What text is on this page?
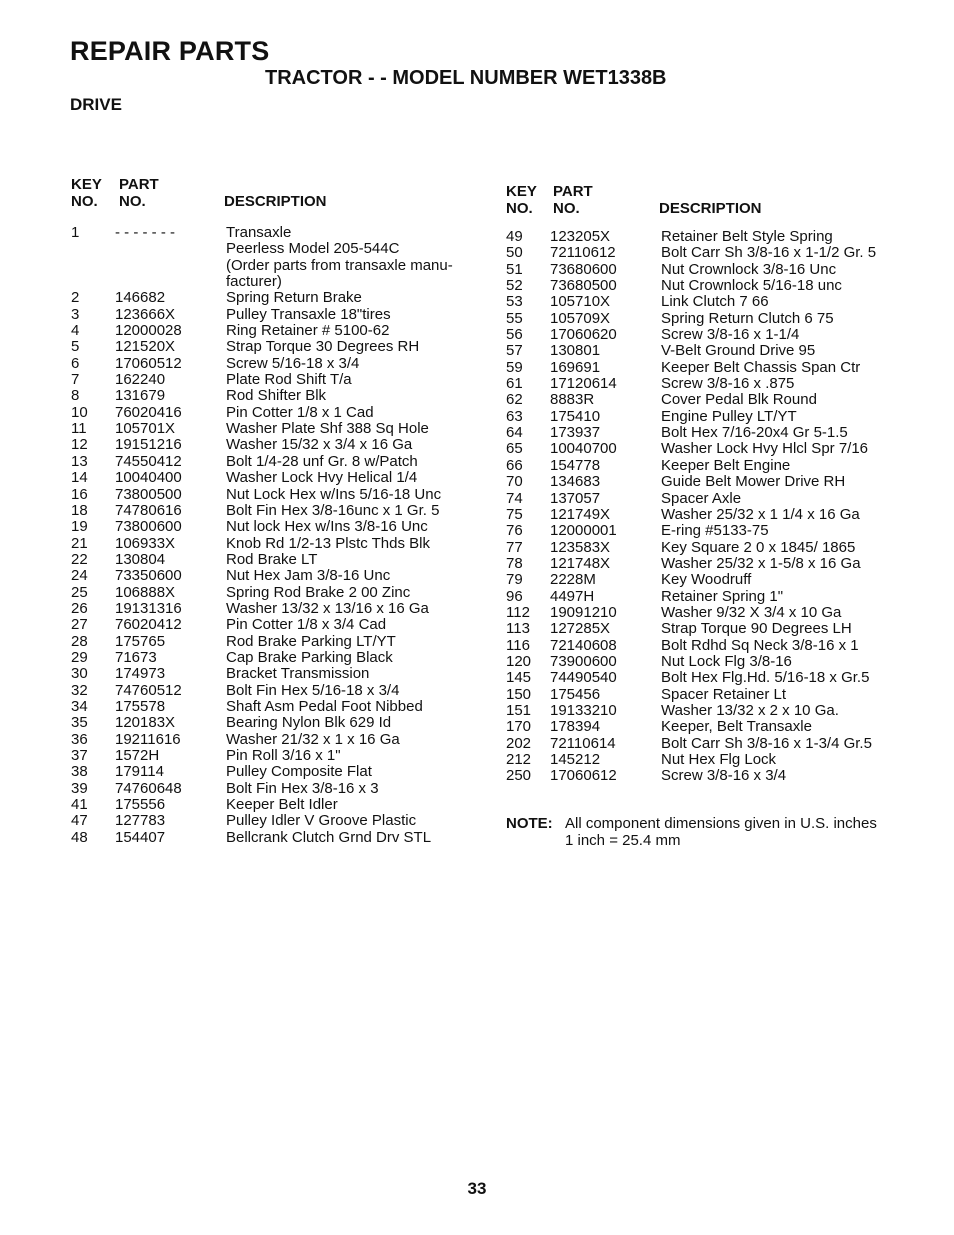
REPAIR PARTS
TRACTOR - - MODEL NUMBER WET1338B
DRIVE
KEY
NO.
PART
NO.	DESCRIPTION
1 - - - - - - -	Transaxle
Peerless Model 205-544C
(Order parts from transaxle manu-
facturer)
2 146682	Spring Return Brake
3 123666X	Pulley Transaxle 18"tires
4 12000028	Ring Retainer # 5100-62
5 121520X	Strap Torque 30 Degrees RH
6 17060512	Screw 5/16-18 x 3/4
7 162240	Plate Rod Shift T/a
8 131679	Rod Shifter Blk
10 76020416	Pin Cotter 1/8 x 1 Cad
11 105701X	Washer Plate Shf 388 Sq Hole
12 19151216	Washer 15/32 x 3/4 x 16 Ga
13 74550412	Bolt 1/4-28 unf Gr. 8 w/Patch
14 10040400	Washer Lock Hvy Helical 1/4
16 73800500	Nut Lock Hex w/Ins 5/16-18 Unc
18 74780616	Bolt Fin Hex 3/8-16unc x 1 Gr. 5
19 73800600	Nut lock Hex w/Ins 3/8-16 Unc
21 106933X	Knob Rd 1/2-13 Plstc Thds Blk
22 130804	Rod Brake LT
24 73350600	Nut Hex Jam 3/8-16 Unc
25 106888X	Spring Rod Brake 2 00 Zinc
26 19131316	Washer 13/32 x 13/16 x 16 Ga
27 76020412	Pin Cotter 1/8 x 3/4 Cad
28 175765	Rod Brake Parking LT/YT
29 71673	Cap Brake Parking Black
30 174973	Bracket Transmission
32 74760512	Bolt Fin Hex 5/16-18 x 3/4
34 175578	Shaft Asm Pedal Foot Nibbed
35 120183X	Bearing Nylon Blk 629 Id
36 19211616	Washer 21/32 x 1 x 16 Ga
37 1572H	Pin Roll 3/16 x 1"
38 179114	Pulley Composite Flat
39 74760648	Bolt Fin Hex 3/8-16 x 3
41 175556	Keeper Belt Idler
47 127783	Pulley Idler V Groove Plastic
48 154407	Bellcrank Clutch Grnd Drv STL
KEY
NO.
PART
NO.	DESCRIPTION
49 123205X	Retainer Belt Style Spring
50 72110612	Bolt Carr Sh 3/8-16 x 1-1/2 Gr. 5
51 73680600	Nut Crownlock 3/8-16 Unc
52 73680500	Nut Crownlock 5/16-18 unc
53 105710X	Link Clutch 7 66
55 105709X	Spring Return Clutch 6 75
56 17060620	Screw 3/8-16 x 1-1/4
57 130801	V-Belt Ground Drive 95
59 169691	Keeper Belt Chassis Span Ctr
61 17120614	Screw 3/8-16 x .875
62 8883R	Cover Pedal Blk Round
63 175410	Engine Pulley LT/YT
64 173937	Bolt Hex 7/16-20x4 Gr 5-1.5
65 10040700	Washer Lock Hvy Hlcl Spr 7/16
66 154778	Keeper Belt Engine
70 134683	Guide Belt Mower Drive RH
74 137057	Spacer Axle
75 121749X	Washer 25/32 x 1 1/4 x 16 Ga
76 12000001	E-ring #5133-75
77 123583X	Key Square 2 0 x 1845/ 1865
78 121748X	Washer 25/32 x 1-5/8 x 16 Ga
79 2228M	Key Woodruff
96 4497H	Retainer Spring 1"
112 19091210	Washer 9/32 X 3/4 x 10 Ga
113 127285X	Strap Torque 90 Degrees LH
116 72140608	Bolt Rdhd Sq Neck 3/8-16 x 1
120 73900600	Nut Lock Flg 3/8-16
145 74490540	Bolt Hex Flg.Hd. 5/16-18 x Gr.5
150 175456	Spacer Retainer Lt
151 19133210	Washer 13/32 x 2 x 10 Ga.
170 178394	Keeper, Belt Transaxle
202 72110614	Bolt Carr Sh 3/8-16 x 1-3/4 Gr.5
212 145212	Nut Hex Flg Lock
250 17060612	Screw 3/8-16 x 3/4
NOTE: All component dimensions given in U.S. inches
1 inch = 25.4 mm
33
